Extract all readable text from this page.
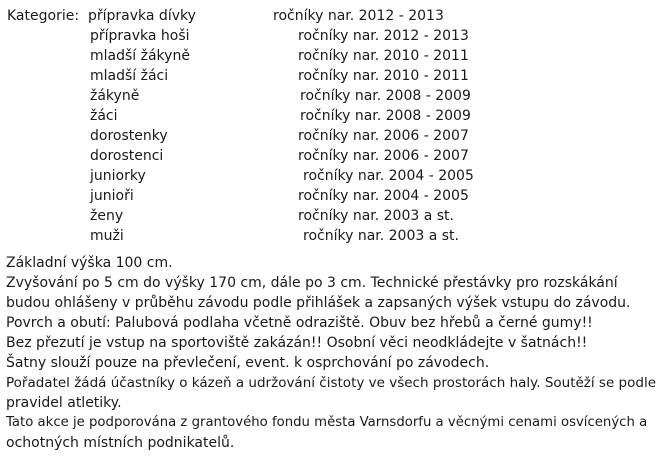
Kategorie: přípravka dívky	ročníky nar. 2012 - 2013
přípravka hoši	ročníky nar. 2012 - 2013
mladší žákyně	ročníky nar. 2010 - 2011
mladší žáci	ročníky nar. 2010 - 2011
žákyně	ročníky nar. 2008 - 2009
žáci	ročníky nar. 2008 - 2009
dorostenky	ročníky nar. 2006 - 2007
dorostenci	ročníky nar. 2006 - 2007
juniorky	ročníky nar. 2004 - 2005
junioři	ročníky nar. 2004 - 2005
ženy	ročníky nar. 2003 a st.
muži	ročníky nar. 2003 a st.
Základní výška 100 cm.
Zvyšování po 5 cm do výšky 170 cm, dále po 3 cm. Technické přestávky pro rozskákání
budou ohlášeny v průběhu závodu podle přihlášek a zapsaných výšek vstupu do závodu.
Povrch a obutí: Palubová podlaha včetně odraziště. Obuv bez hřebů a černé gumy!!
Bez přezutí je vstup na sportoviště zakázán!! Osobní věci neodkládejte v šatnách!!
Šatny slouží pouze na převlečení, event. k osprchování po závodech.
Pořadatel žádá účastníky o kázeň a udržování čistoty ve všech prostorách haly. Soutěží se podle
pravidel atletiky.
Tato akce je podporována z grantového fondu města Varnsdorfu a věcnými cenami osvícených a
ochotných místních podnikatelů.
